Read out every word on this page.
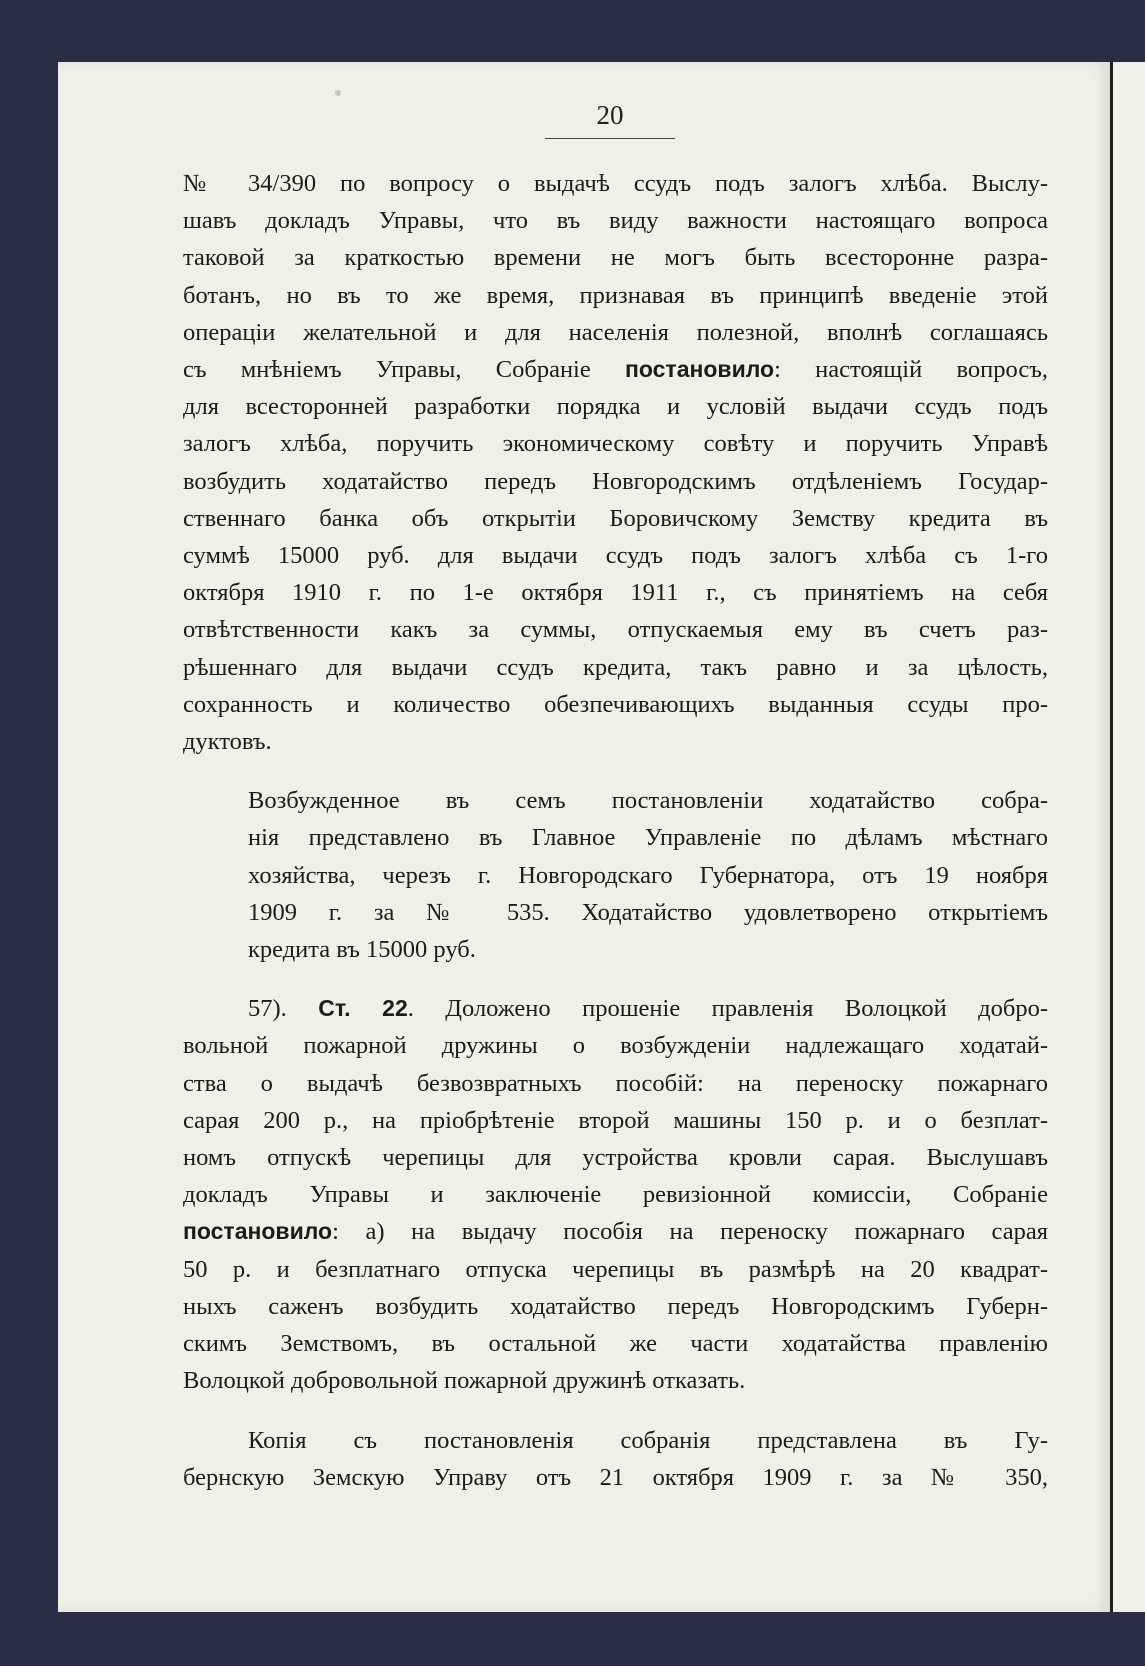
20

№ 34/390 по вопросу о выдачѣ ссудъ подъ залогъ хлѣба. Выслу-
шавъ докладъ Управы, что въ виду важности настоящаго вопроса
таковой за краткостью времени не могъ быть всесторонне разра-
ботанъ, но въ то же время, признавая въ принципѣ введеніе этой
операціи желательной и для населенія полезной, вполнѣ соглашаясь
съ мнѣніемъ Управы, Собраніе постановило: настоящій вопросъ,
для всесторонней разработки порядка и условій выдачи ссудъ подъ
залогъ хлѣба, поручить экономическому совѣту и поручить Управѣ
возбудить ходатайство передъ Новгородскимъ отдѣленіемъ Государ-
ственнаго банка объ открытіи Боровичскому Земству кредита въ
суммѣ 15000 руб. для выдачи ссудъ подъ залогъ хлѣба съ 1-го
октября 1910 г. по 1-е октября 1911 г., съ принятіемъ на себя
отвѣтственности какъ за суммы, отпускаемыя ему въ счетъ раз-
рѣшеннаго для выдачи ссудъ кредита, такъ равно и за цѣлость,
сохранность и количество обезпечивающихъ выданныя ссуды про-
дуктовъ.

Возбужденное въ семъ постановленіи ходатайство собра-
нія представлено въ Главное Управленіе по дѣламъ мѣстнаго
хозяйства, черезъ г. Новгородскаго Губернатора, отъ 19 ноября
1909 г. за № 535. Ходатайство удовлетворено открытіемъ
кредита въ 15000 руб.

57). Ст. 22. Доложено прошеніе правленія Волоцкой добро-
вольной пожарной дружины о возбужденіи надлежащаго ходатай-
ства о выдачѣ безвозвратныхъ пособій: на переноску пожарнаго
сарая 200 р., на пріобрѣтеніе второй машины 150 р. и о безплат-
номъ отпускѣ черепицы для устройства кровли сарая. Выслушавъ
докладъ Управы и заключеніе ревизіонной комиссіи, Собраніе
постановило: а) на выдачу пособія на переноску пожарнаго сарая
50 р. и безплатнаго отпуска черепицы въ размѣрѣ на 20 квадрат-
ныхъ саженъ возбудить ходатайство передъ Новгородскимъ Губерн-
скимъ Земствомъ, въ остальной же части ходатайства правленію
Волоцкой добровольной пожарной дружинѣ отказать.

Копія съ постановленія собранія представлена въ Гу-
бернскую Земскую Управу отъ 21 октября 1909 г. за № 350,
